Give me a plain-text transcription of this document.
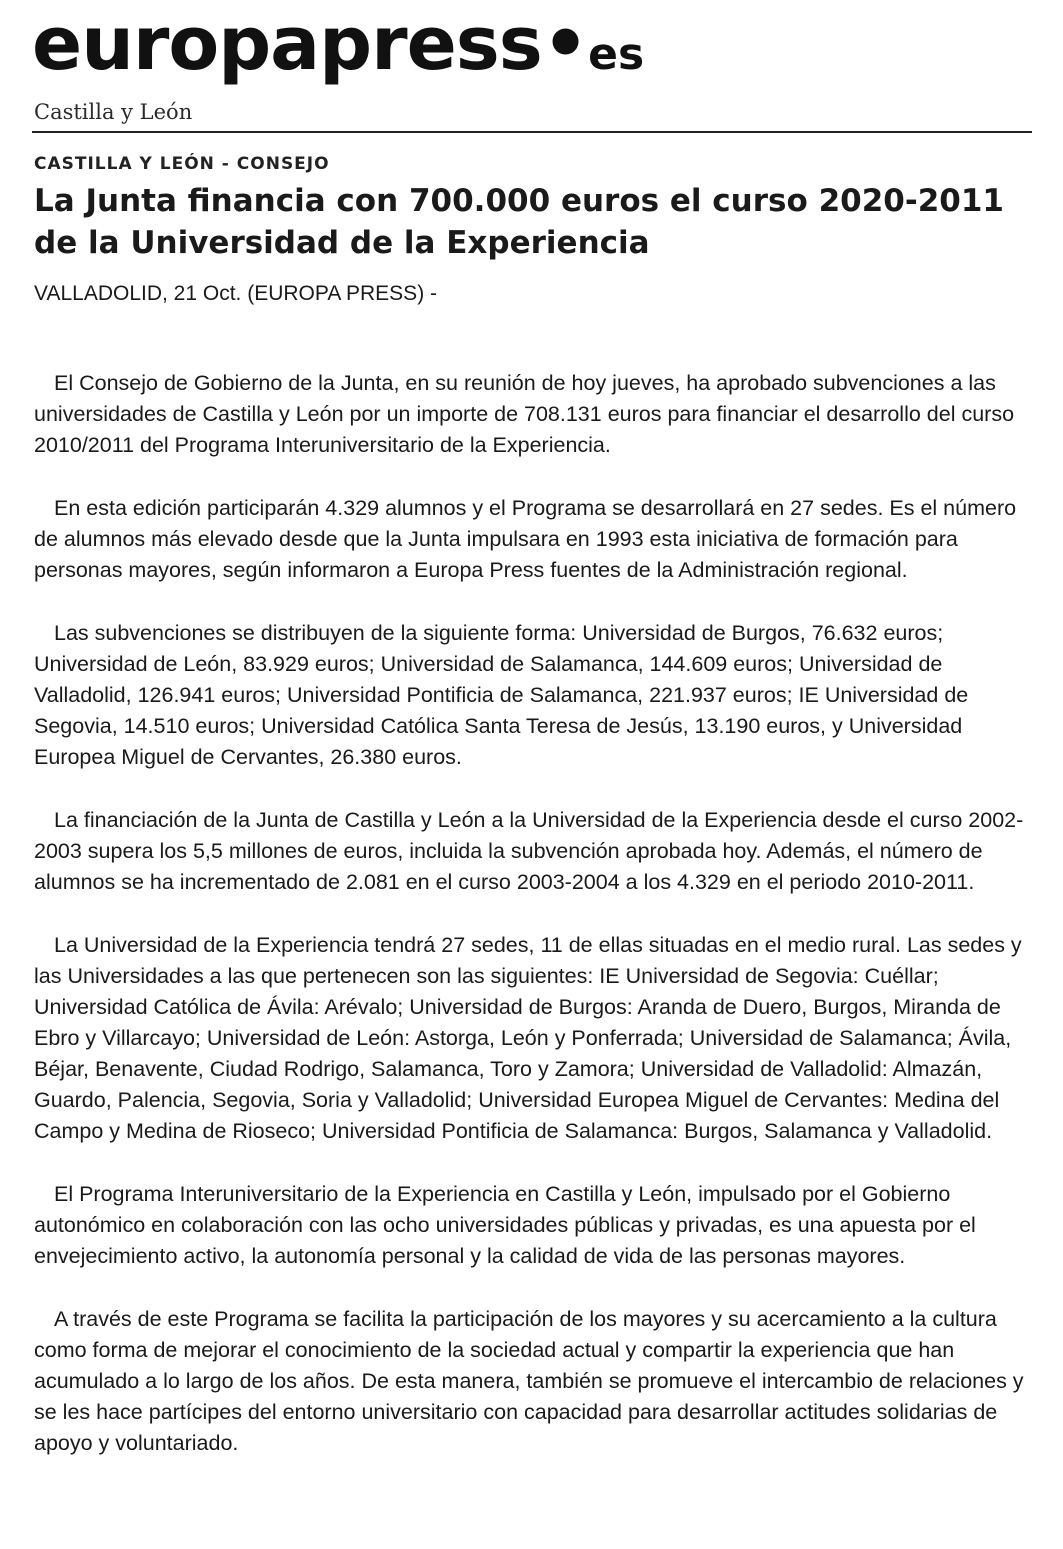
europapress•es
Castilla y León
CASTILLA Y LEÓN - CONSEJO
La Junta financia con 700.000 euros el curso 2020-2011 de la Universidad de la Experiencia
VALLADOLID, 21 Oct. (EUROPA PRESS) -

El Consejo de Gobierno de la Junta, en su reunión de hoy jueves, ha aprobado subvenciones a las universidades de Castilla y León por un importe de 708.131 euros para financiar el desarrollo del curso 2010/2011 del Programa Interuniversitario de la Experiencia.

En esta edición participarán 4.329 alumnos y el Programa se desarrollará en 27 sedes. Es el número de alumnos más elevado desde que la Junta impulsara en 1993 esta iniciativa de formación para personas mayores, según informaron a Europa Press fuentes de la Administración regional.

Las subvenciones se distribuyen de la siguiente forma: Universidad de Burgos, 76.632 euros; Universidad de León, 83.929 euros; Universidad de Salamanca, 144.609 euros; Universidad de Valladolid, 126.941 euros; Universidad Pontificia de Salamanca, 221.937 euros; IE Universidad de Segovia, 14.510 euros; Universidad Católica Santa Teresa de Jesús, 13.190 euros, y Universidad Europea Miguel de Cervantes, 26.380 euros.

La financiación de la Junta de Castilla y León a la Universidad de la Experiencia desde el curso 2002-2003 supera los 5,5 millones de euros, incluida la subvención aprobada hoy. Además, el número de alumnos se ha incrementado de 2.081 en el curso 2003-2004 a los 4.329 en el periodo 2010-2011.

La Universidad de la Experiencia tendrá 27 sedes, 11 de ellas situadas en el medio rural. Las sedes y las Universidades a las que pertenecen son las siguientes: IE Universidad de Segovia: Cuéllar; Universidad Católica de Ávila: Arévalo; Universidad de Burgos: Aranda de Duero, Burgos, Miranda de Ebro y Villarcayo; Universidad de León: Astorga, León y Ponferrada; Universidad de Salamanca; Ávila, Béjar, Benavente, Ciudad Rodrigo, Salamanca, Toro y Zamora; Universidad de Valladolid: Almazán, Guardo, Palencia, Segovia, Soria y Valladolid; Universidad Europea Miguel de Cervantes: Medina del Campo y Medina de Rioseco; Universidad Pontificia de Salamanca: Burgos, Salamanca y Valladolid.

El Programa Interuniversitario de la Experiencia en Castilla y León, impulsado por el Gobierno autonómico en colaboración con las ocho universidades públicas y privadas, es una apuesta por el envejecimiento activo, la autonomía personal y la calidad de vida de las personas mayores.

A través de este Programa se facilita la participación de los mayores y su acercamiento a la cultura como forma de mejorar el conocimiento de la sociedad actual y compartir la experiencia que han acumulado a lo largo de los años. De esta manera, también se promueve el intercambio de relaciones y se les hace partícipes del entorno universitario con capacidad para desarrollar actitudes solidarias de apoyo y voluntariado.
